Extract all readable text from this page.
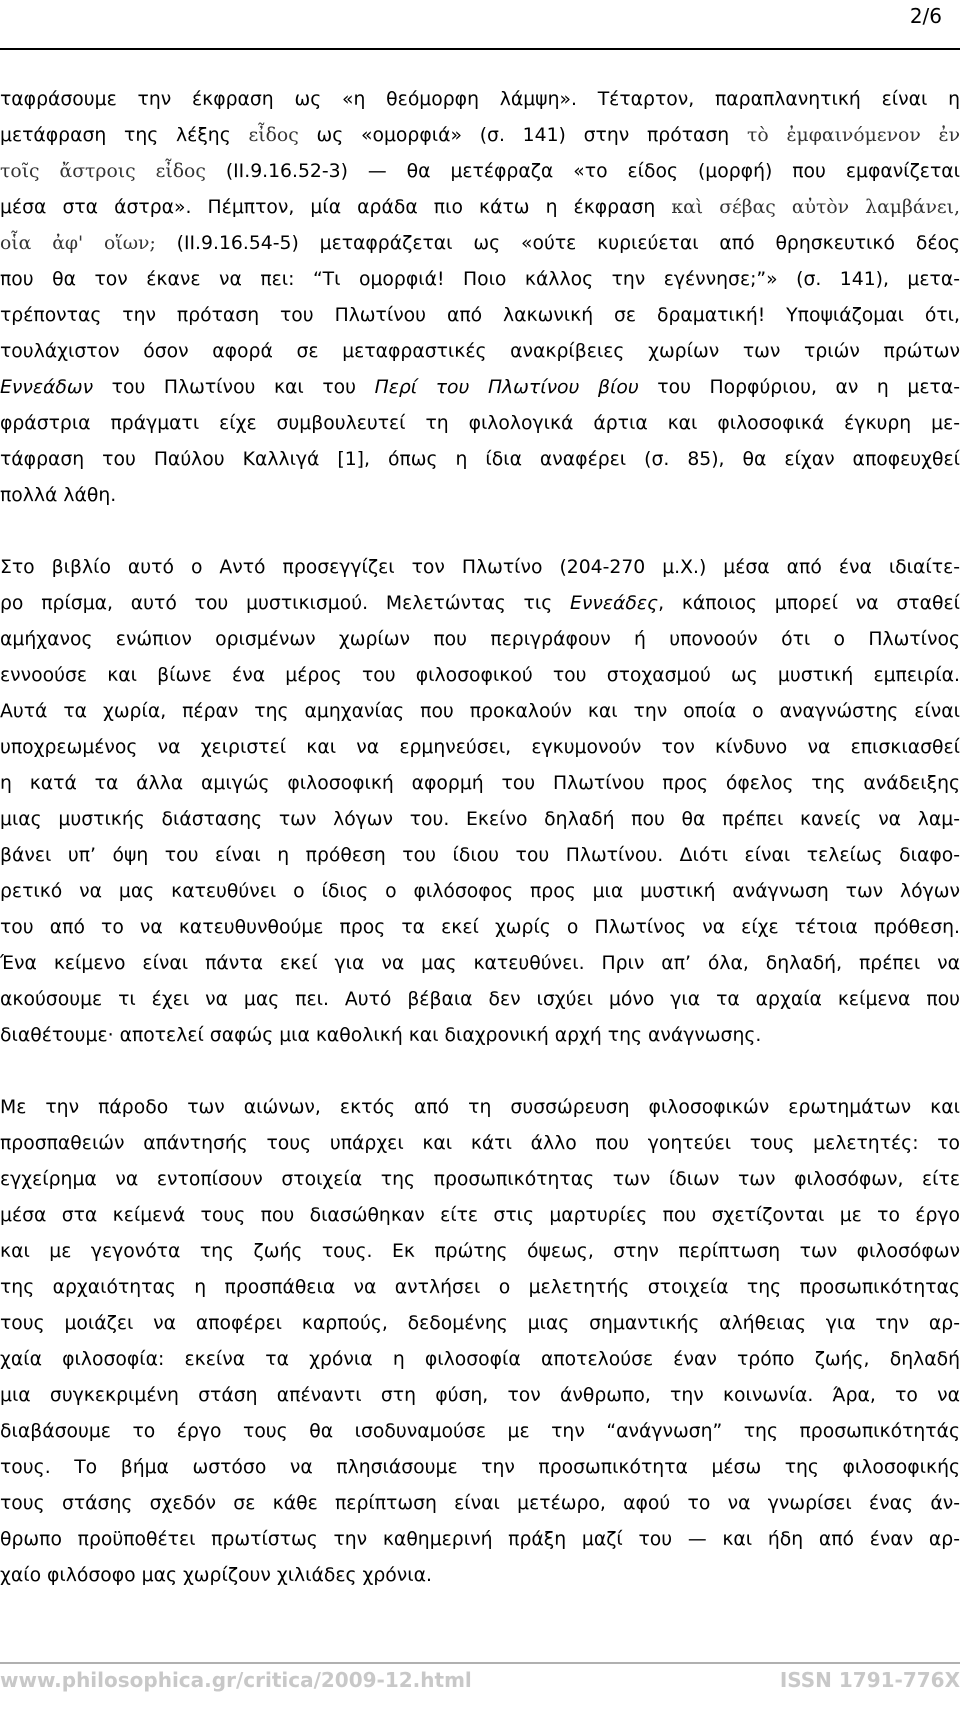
2/6
ταφράσουμε την έκφραση ως «η θεόμορφη λάμψη». Τέταρτον, παραπλανητική είναι η
μετάφραση της λέξης εἶδος ως «ομορφιά» (σ. 141) στην πρόταση τὸ ἐμφαινόμενον ἐν
τοῖς ἄστροις εἶδος (ΙΙ.9.16.52-3) — θα μετέφραζα «το είδος (μορφή) που εμφανίζεται
μέσα στα άστρα». Πέμπτον, μία αράδα πιο κάτω η έκφραση καὶ σέβας αὐτὸν λαμβάνει,
οἷα ἀφ' οἵων; (ΙΙ.9.16.54-5) μεταφράζεται ως «ούτε κυριεύεται από θρησκευτικό δέος
που θα τον έκανε να πει: “Τι ομορφιά! Ποιο κάλλος την εγέννησε;”» (σ. 141), μετα-
τρέποντας την πρόταση του Πλωτίνου από λακωνική σε δραματική! Υποψιάζομαι ότι,
τουλάχιστον όσον αφορά σε μεταφραστικές ανακρίβειες χωρίων των τριών πρώτων
Εννεάδων του Πλωτίνου και του Περί του Πλωτίνου βίου του Πορφύριου, αν η μετα-
φράστρια πράγματι είχε συμβουλευτεί τη φιλολογικά άρτια και φιλοσοφικά έγκυρη με-
τάφραση του Παύλου Καλλιγά [1], όπως η ίδια αναφέρει (σ. 85), θα είχαν αποφευχθεί
πολλά λάθη.
Στο βιβλίο αυτό ο Αντό προσεγγίζει τον Πλωτίνο (204-270 μ.Χ.) μέσα από ένα ιδιαίτε-
ρο πρίσμα, αυτό του μυστικισμού. Μελετώντας τις Εννεάδες, κάποιος μπορεί να σταθεί
αμήχανος ενώπιον ορισμένων χωρίων που περιγράφουν ή υπονοούν ότι ο Πλωτίνος
εννοούσε και βίωνε ένα μέρος του φιλοσοφικού του στοχασμού ως μυστική εμπειρία.
Αυτά τα χωρία, πέραν της αμηχανίας που προκαλούν και την οποία ο αναγνώστης είναι
υποχρεωμένος να χειριστεί και να ερμηνεύσει, εγκυμονούν τον κίνδυνο να επισκιασθεί
η κατά τα άλλα αμιγώς φιλοσοφική αφορμή του Πλωτίνου προς όφελος της ανάδειξης
μιας μυστικής διάστασης των λόγων του. Εκείνο δηλαδή που θα πρέπει κανείς να λαμ-
βάνει υπ’ όψη του είναι η πρόθεση του ίδιου του Πλωτίνου. Διότι είναι τελείως διαφο-
ρετικό να μας κατευθύνει ο ίδιος ο φιλόσοφος προς μια μυστική ανάγνωση των λόγων
του από το να κατευθυνθούμε προς τα εκεί χωρίς ο Πλωτίνος να είχε τέτοια πρόθεση.
Ένα κείμενο είναι πάντα εκεί για να μας κατευθύνει. Πριν απ’ όλα, δηλαδή, πρέπει να
ακούσουμε τι έχει να μας πει. Αυτό βέβαια δεν ισχύει μόνο για τα αρχαία κείμενα που
διαθέτουμε· αποτελεί σαφώς μια καθολική και διαχρονική αρχή της ανάγνωσης.
Με την πάροδο των αιώνων, εκτός από τη συσσώρευση φιλοσοφικών ερωτημάτων και
προσπαθειών απάντησής τους υπάρχει και κάτι άλλο που γοητεύει τους μελετητές: το
εγχείρημα να εντοπίσουν στοιχεία της προσωπικότητας των ίδιων των φιλοσόφων, είτε
μέσα στα κείμενά τους που διασώθηκαν είτε στις μαρτυρίες που σχετίζονται με το έργο
και με γεγονότα της ζωής τους. Εκ πρώτης όψεως, στην περίπτωση των φιλοσόφων
της αρχαιότητας η προσπάθεια να αντλήσει ο μελετητής στοιχεία της προσωπικότητας
τους μοιάζει να αποφέρει καρπούς, δεδομένης μιας σημαντικής αλήθειας για την αρ-
χαία φιλοσοφία: εκείνα τα χρόνια η φιλοσοφία αποτελούσε έναν τρόπο ζωής, δηλαδή
μια συγκεκριμένη στάση απέναντι στη φύση, τον άνθρωπο, την κοινωνία. Άρα, το να
διαβάσουμε το έργο τους θα ισοδυναμούσε με την “ανάγνωση” της προσωπικότητάς
τους. Το βήμα ωστόσο να πλησιάσουμε την προσωπικότητα μέσω της φιλοσοφικής
τους στάσης σχεδόν σε κάθε περίπτωση είναι μετέωρο, αφού το να γνωρίσει ένας άν-
θρωπο προϋποθέτει πρωτίστως την καθημερινή πράξη μαζί του — και ήδη από έναν αρ-
χαίο φιλόσοφο μας χωρίζουν χιλιάδες χρόνια.
www.philosophica.gr/critica/2009-12.html	ISSN 1791-776X
